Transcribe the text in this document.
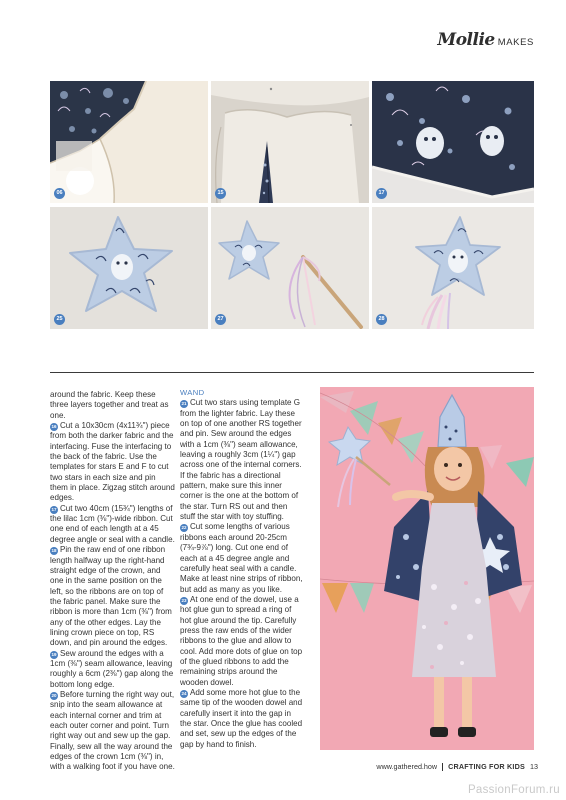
Mollie MAKES
06	15	17
25	27	28

around the fabric. Keep these three layers together and treat as one.

16 Cut a 10x30cm (4x11¾") piece from both the darker fabric and the interfacing. Fuse the interfacing to the back of the fabric. Use the templates for stars E and F to cut two stars in each size and pin them in place. Zigzag stitch around edges.

17 Cut two 40cm (15¾") lengths of the lilac 1cm (⅜")-wide ribbon. Cut one end of each length at a 45 degree angle or seal with a candle.

18 Pin the raw end of one ribbon length halfway up the right-hand straight edge of the crown, and one in the same position on the left, so the ribbons are on top of the fabric panel. Make sure the ribbon is more than 1cm (⅜") from any of the other edges. Lay the lining crown piece on top, RS down, and pin around the edges.

19 Sew around the edges with a 1cm (⅜") seam allowance, leaving roughly a 6cm (2⅜") gap along the bottom long edge.

20 Before turning the right way out, snip into the seam allowance at each internal corner and trim at each outer corner and point. Turn right way out and sew up the gap. Finally, sew all the way around the edges of the crown 1cm (⅜") in, with a walking foot if you have one.

WAND

21 Cut two stars using template G from the lighter fabric. Lay these on top of one another RS together and pin. Sew around the edges with a 1cm (⅜") seam allowance, leaving a roughly 3cm (1¼") gap across one of the internal corners. If the fabric has a directional pattern, make sure this inner corner is the one at the bottom of the star. Turn RS out and then stuff the star with toy stuffing.

22 Cut some lengths of various ribbons each around 20-25cm (7¾-9⅞") long. Cut one end of each at a 45 degree angle and carefully heat seal with a candle. Make at least nine strips of ribbon, but add as many as you like.

23 At one end of the dowel, use a hot glue gun to spread a ring of hot glue around the tip. Carefully press the raw ends of the wider ribbons to the glue and allow to cool. Add more dots of glue on top of the glued ribbons to add the remaining strips around the wooden dowel.

24 Add some more hot glue to the same tip of the wooden dowel and carefully insert it into the gap in the star. Once the glue has cooled and set, sew up the edges of the gap by hand to finish.

www.gathered.how CRAFTING FOR KIDS 13
PassionForum.ru
